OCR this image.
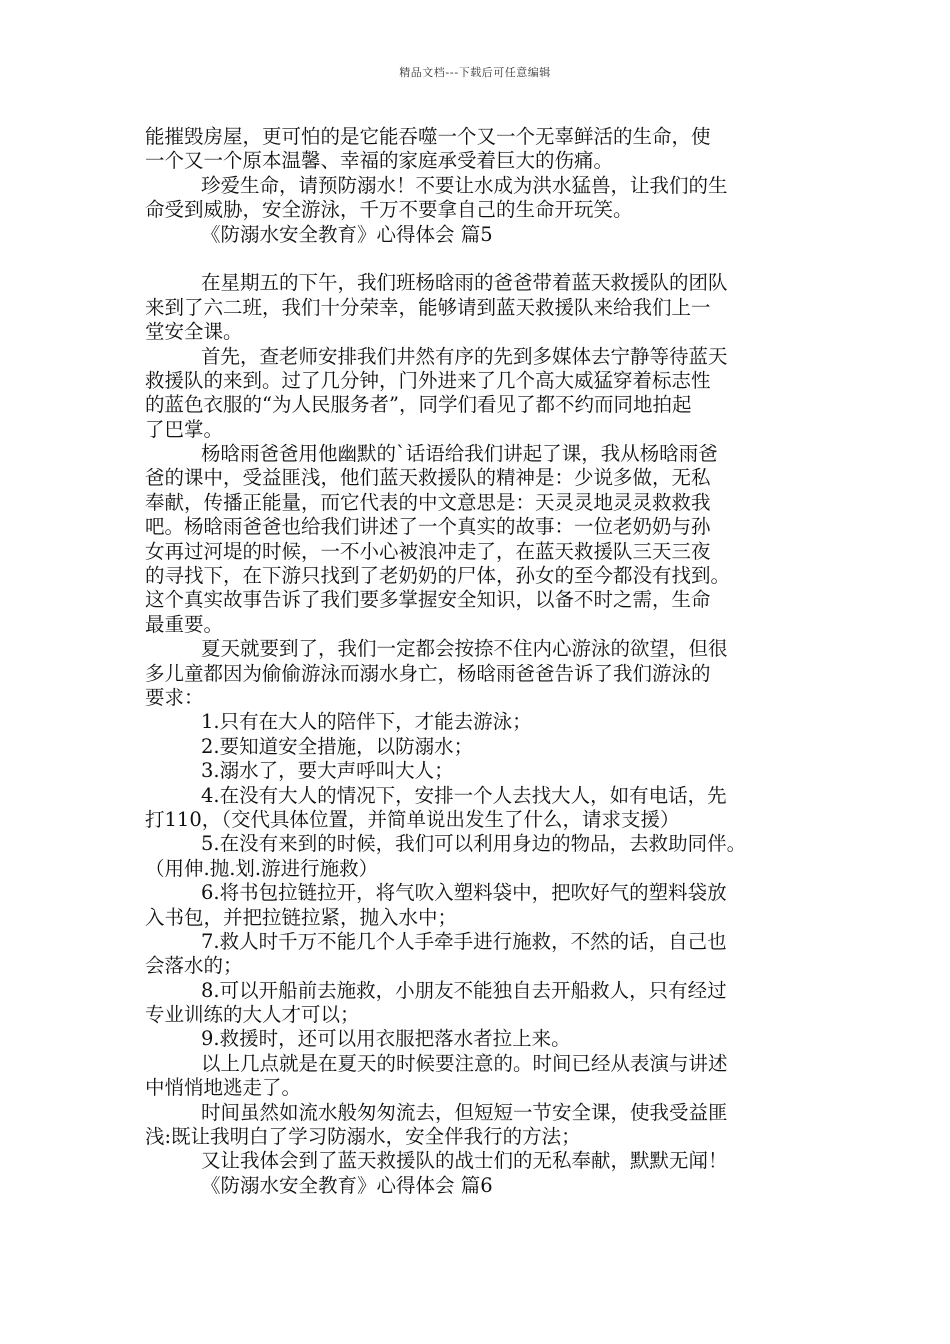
精品文档---下载后可任意编辑
能摧毁房屋，更可怕的是它能吞噬一个又一个无辜鲜活的生命，使
一个又一个原本温馨、幸福的家庭承受着巨大的伤痛。
珍爱生命，请预防溺水！不要让水成为洪水猛兽，让我们的生
命受到威胁，安全游泳，千万不要拿自己的生命开玩笑。
《防溺水安全教育》心得体会 篇5
在星期五的下午，我们班杨晗雨的爸爸带着蓝天救援队的团队
来到了六二班，我们十分荣幸，能够请到蓝天救援队来给我们上一
堂安全课。
首先，查老师安排我们井然有序的先到多媒体去宁静等待蓝天
救援队的来到。过了几分钟，门外进来了几个高大威猛穿着标志性
的蓝色衣服的“为人民服务者”，同学们看见了都不约而同地拍起
了巴掌。
杨晗雨爸爸用他幽默的`话语给我们讲起了课，我从杨晗雨爸
爸的课中，受益匪浅，他们蓝天救援队的精神是：少说多做，无私
奉献，传播正能量，而它代表的中文意思是：天灵灵地灵灵救救我
吧。杨晗雨爸爸也给我们讲述了一个真实的故事：一位老奶奶与孙
女再过河堤的时候，一不小心被浪冲走了，在蓝天救援队三天三夜
的寻找下，在下游只找到了老奶奶的尸体，孙女的至今都没有找到。
这个真实故事告诉了我们要多掌握安全知识，以备不时之需，生命
最重要。
夏天就要到了，我们一定都会按捺不住内心游泳的欲望，但很
多儿童都因为偷偷游泳而溺水身亡，杨晗雨爸爸告诉了我们游泳的
要求：
1.只有在大人的陪伴下，才能去游泳；
2.要知道安全措施，以防溺水；
3.溺水了，要大声呼叫大人；
4.在没有大人的情况下，安排一个人去找大人，如有电话，先
打110，（交代具体位置，并简单说出发生了什么，请求支援）
5.在没有来到的时候，我们可以利用身边的物品，去救助同伴。
（用伸.抛.划.游进行施救）
6.将书包拉链拉开，将气吹入塑料袋中，把吹好气的塑料袋放
入书包，并把拉链拉紧，抛入水中；
7.救人时千万不能几个人手牵手进行施救，不然的话，自己也
会落水的；
8.可以开船前去施救，小朋友不能独自去开船救人，只有经过
专业训练的大人才可以；
9.救援时，还可以用衣服把落水者拉上来。
以上几点就是在夏天的时候要注意的。时间已经从表演与讲述
中悄悄地逃走了。
时间虽然如流水般匆匆流去，但短短一节安全课，使我受益匪
浅:既让我明白了学习防溺水，安全伴我行的方法；
又让我体会到了蓝天救援队的战士们的无私奉献，默默无闻！
《防溺水安全教育》心得体会 篇6
